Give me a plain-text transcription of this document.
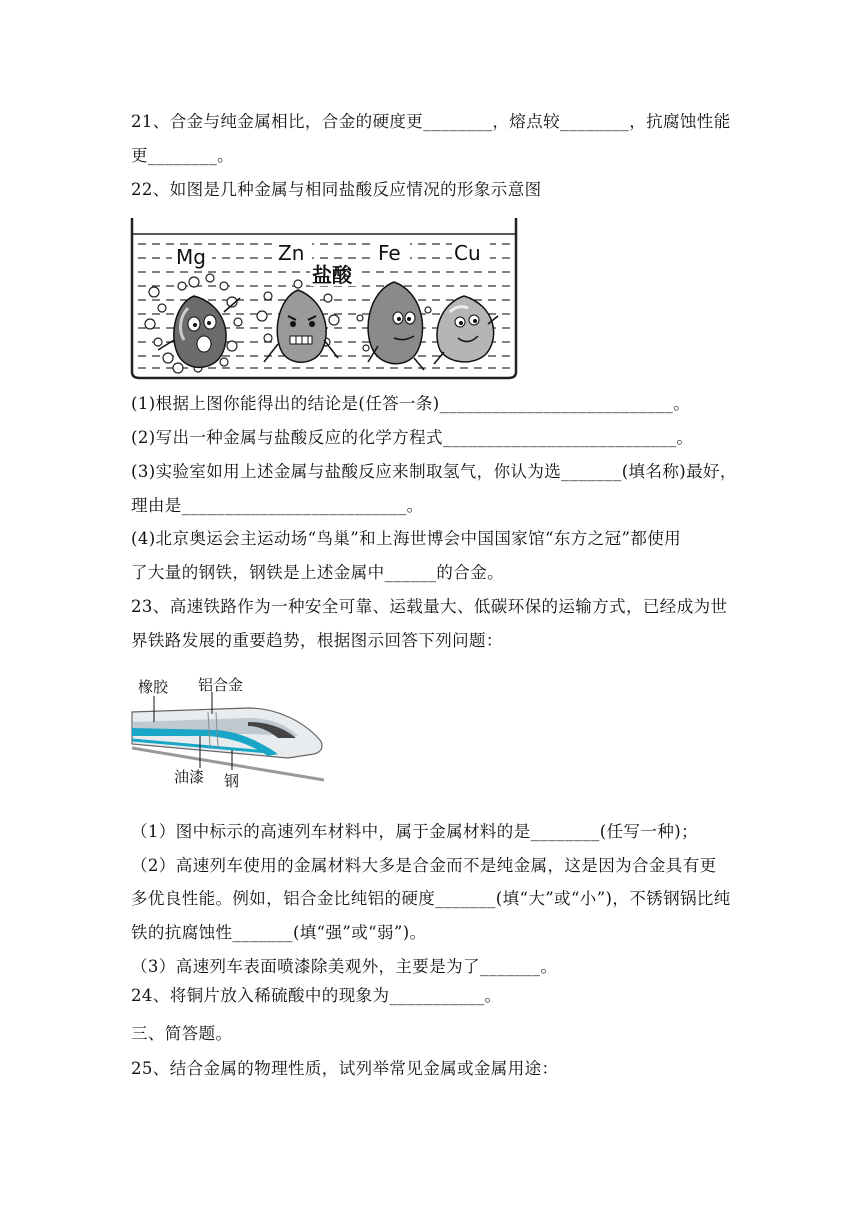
21、合金与纯金属相比，合金的硬度更________，熔点较________，抗腐蚀性能
更________。
22、如图是几种金属与相同盐酸反应情况的形象示意图
Mg	Zn
盐酸
Fe	Cu
(1)根据上图你能得出的结论是(任答一条)___________________________。
(2)写出一种金属与盐酸反应的化学方程式___________________________。
(3)实验室如用上述金属与盐酸反应来制取氢气，你认为选_______(填名称)最好，
理由是__________________________。
(4)北京奥运会主运动场“鸟巢”和上海世博会中国国家馆“东方之冠”都使用
了大量的钢铁，钢铁是上述金属中______的合金。
23、高速铁路作为一种安全可靠、运载量大、低碳环保的运输方式，已经成为世
界铁路发展的重要趋势，根据图示回答下列问题：
橡胶 铝合金
油漆 钢
（1）图中标示的高速列车材料中，属于金属材料的是________(任写一种)；
（2）高速列车使用的金属材料大多是合金而不是纯金属，这是因为合金具有更
多优良性能。例如，铝合金比纯铝的硬度_______(填“大”或“小”)，不锈钢锅比纯
铁的抗腐蚀性_______(填“强”或“弱”)。
（3）高速列车表面喷漆除美观外，主要是为了_______。
24、将铜片放入稀硫酸中的现象为___________。
三、简答题。
25、结合金属的物理性质，试列举常见金属或金属用途：
